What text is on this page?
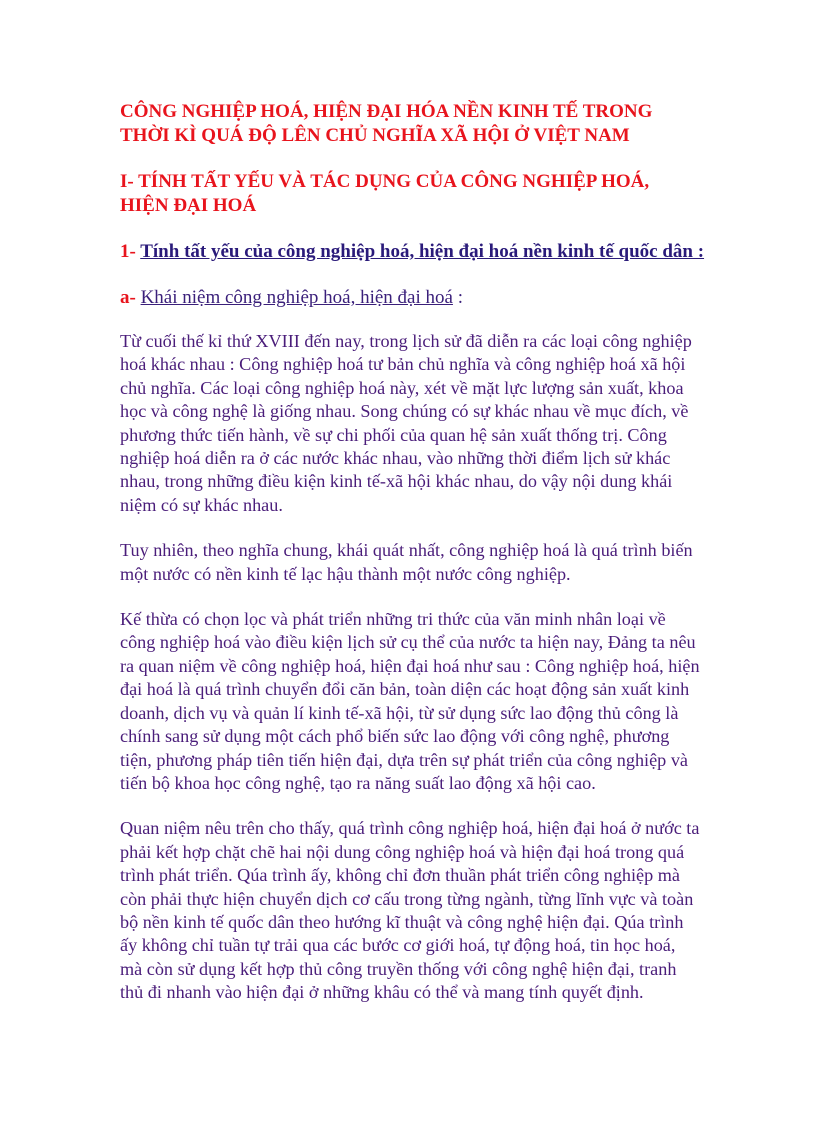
CÔNG NGHIỆP HOÁ, HIỆN ĐẠI HÓA NỀN KINH TẾ TRONG THỜI KÌ QUÁ ĐỘ LÊN CHỦ NGHĨA XÃ HỘI Ở VIỆT NAM
I- TÍNH TẤT YẾU VÀ TÁC DỤNG CỦA CÔNG NGHIỆP HOÁ, HIỆN ĐẠI HOÁ
1- Tính tất yếu của công nghiệp hoá, hiện đại hoá nền kinh tế quốc dân :
a- Khái niệm công nghiệp hoá, hiện đại hoá :

Từ cuối thế kỉ thứ XVIII đến nay, trong lịch sử đã diễn ra các loại công nghiệp hoá khác nhau : Công nghiệp hoá tư bản chủ nghĩa và công nghiệp hoá xã hội chủ nghĩa. Các loại công nghiệp hoá này, xét về mặt lực lượng sản xuất, khoa học và công nghệ là giống nhau. Song chúng có sự khác nhau về mục đích, về phương thức tiến hành, về sự chi phối của quan hệ sản xuất thống trị. Công nghiệp hoá diễn ra ở các nước khác nhau, vào những thời điểm lịch sử khác nhau, trong những điều kiện kinh tế-xã hội khác nhau, do vậy nội dung khái niệm có sự khác nhau.

Tuy nhiên, theo nghĩa chung, khái quát nhất, công nghiệp hoá là quá trình biến một nước có nền kinh tế lạc hậu thành một nước công nghiệp.

Kế thừa có chọn lọc và phát triển những tri thức của văn minh nhân loại về công nghiệp hoá vào điều kiện lịch sử cụ thể của nước ta hiện nay, Đảng ta nêu ra quan niệm về công nghiệp hoá, hiện đại hoá như sau : Công nghiệp hoá, hiện đại hoá là quá trình chuyển đổi căn bản, toàn diện các hoạt động sản xuất kinh doanh, dịch vụ và quản lí kinh tế-xã hội, từ sử dụng sức lao động thủ công là chính sang sử dụng một cách phổ biến sức lao động với công nghệ, phương tiện, phương pháp tiên tiến hiện đại, dựa trên sự phát triển của công nghiệp và tiến bộ khoa học công nghệ, tạo ra năng suất lao động xã hội cao.

Quan niệm nêu trên cho thấy, quá trình công nghiệp hoá, hiện đại hoá ở nước ta phải kết hợp chặt chẽ hai nội dung công nghiệp hoá và hiện đại hoá trong quá trình phát triển. Qúa trình ấy, không chỉ đơn thuần phát triển công nghiệp mà còn phải thực hiện chuyển dịch cơ cấu trong từng ngành, từng lĩnh vực và toàn bộ nền kinh tế quốc dân theo hướng kĩ thuật và công nghệ hiện đại. Qúa trình ấy không chỉ tuần tự trải qua các bước cơ giới hoá, tự động hoá, tin học hoá, mà còn sử dụng kết hợp thủ công truyền thống với công nghệ hiện đại, tranh thủ đi nhanh vào hiện đại ở những khâu có thể và mang tính quyết định.
